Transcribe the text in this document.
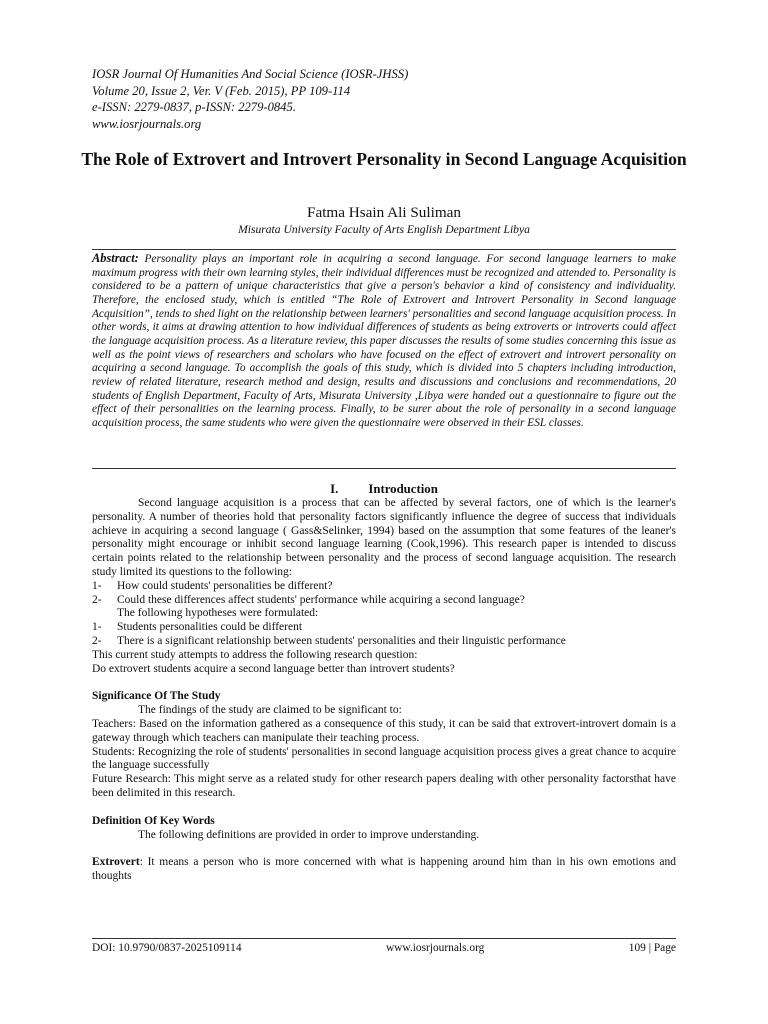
IOSR Journal Of Humanities And Social Science (IOSR-JHSS)
Volume 20, Issue 2, Ver. V (Feb. 2015), PP 109-114
e-ISSN: 2279-0837, p-ISSN: 2279-0845.
www.iosrjournals.org
The Role of Extrovert and Introvert Personality in Second Language Acquisition
Fatma Hsain Ali Suliman
Misurata University Faculty of Arts English Department Libya
Abstract: Personality plays an important role in acquiring a second language. For second language learners to make maximum progress with their own learning styles, their individual differences must be recognized and attended to. Personality is considered to be a pattern of unique characteristics that give a person's behavior a kind of consistency and individuality. Therefore, the enclosed study, which is entitled “The Role of Extrovert and Introvert Personality in Second language Acquisition”, tends to shed light on the relationship between learners' personalities and second language acquisition process. In other words, it aims at drawing attention to how individual differences of students as being extroverts or introverts could affect the language acquisition process. As a literature review, this paper discusses the results of some studies concerning this issue as well as the point views of researchers and scholars who have focused on the effect of extrovert and introvert personality on acquiring a second language. To accomplish the goals of this study, which is divided into 5 chapters including introduction, review of related literature, research method and design, results and discussions and conclusions and recommendations, 20 students of English Department, Faculty of Arts, Misurata University ,Libya were handed out a questionnaire to figure out the effect of their personalities on the learning process. Finally, to be surer about the role of personality in a second language acquisition process, the same students who were given the questionnaire were observed in their ESL classes.
I. Introduction

Second language acquisition is a process that can be affected by several factors, one of which is the learner's personality. A number of theories hold that personality factors significantly influence the degree of success that individuals achieve in acquiring a second language ( Gass&Selinker, 1994) based on the assumption that some features of the leaner's personality might encourage or inhibit second language learning (Cook,1996). This research paper is intended to discuss certain points related to the relationship between personality and the process of second language acquisition. The research study limited its questions to the following:

1-	How could students' personalities be different?
2-	Could these differences affect students' performance while acquiring a second language?

The following hypotheses were formulated:

1-	Students personalities could be different
2-	There is a significant relationship between students' personalities and their linguistic performance

This current study attempts to address the following research question:

Do extrovert students acquire a second language better than introvert students?

Significance Of The Study

The findings of the study are claimed to be significant to:

Teachers: Based on the information gathered as a consequence of this study, it can be said that extrovert-introvert domain is a gateway through which teachers can manipulate their teaching process.

Students: Recognizing the role of students' personalities in second language acquisition process gives a great chance to acquire the language successfully

Future Research: This might serve as a related study for other research papers dealing with other personality factorsthat have been delimited in this research.

Definition Of Key Words

The following definitions are provided in order to improve understanding.

Extrovert: It means a person who is more concerned with what is happening around him than in his own emotions and thoughts

DOI: 10.9790/0837-2025109114	www.iosrjournals.org	109 | Page
